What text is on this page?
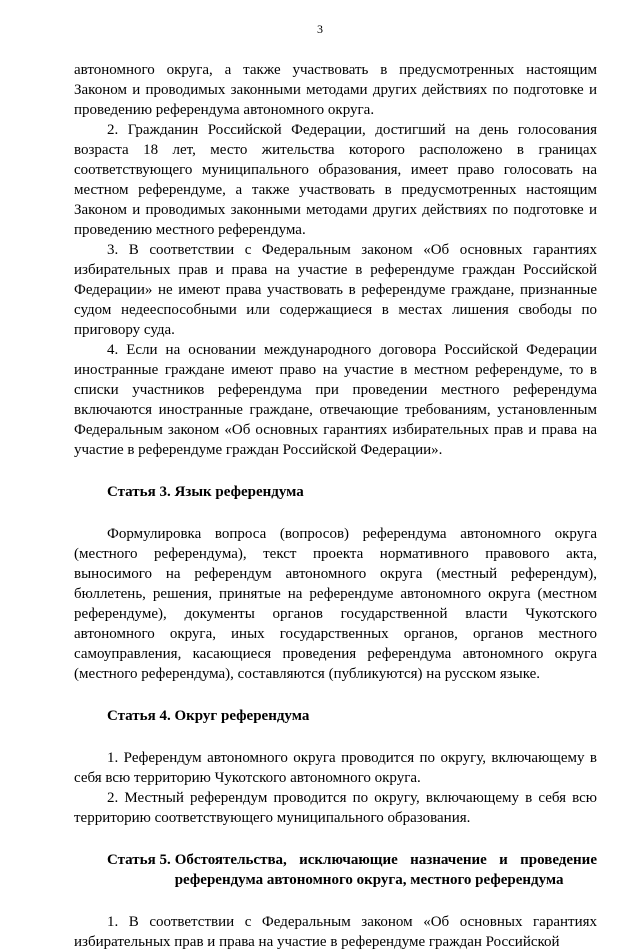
3

автономного округа, а также участвовать в предусмотренных настоящим Законом и проводимых законными методами других действиях по подготовке и проведению референдума автономного округа.

2. Гражданин Российской Федерации, достигший на день голосования возраста 18 лет, место жительства которого расположено в границах соответствующего муниципального образования, имеет право голосовать на местном референдуме, а также участвовать в предусмотренных настоящим Законом и проводимых законными методами других действиях по подготовке и проведению местного референдума.

3. В соответствии с Федеральным законом «Об основных гарантиях избирательных прав и права на участие в референдуме граждан Российской Федерации» не имеют права участвовать в референдуме граждане, признанные судом недееспособными или содержащиеся в местах лишения свободы по приговору суда.

4. Если на основании международного договора Российской Федерации иностранные граждане имеют право на участие в местном референдуме, то в списки участников референдума при проведении местного референдума включаются иностранные граждане, отвечающие требованиям, установленным Федеральным законом «Об основных гарантиях избирательных прав и права на участие в референдуме граждан Российской Федерации».

Статья 3. Язык референдума

Формулировка вопроса (вопросов) референдума автономного округа (местного референдума), текст проекта нормативного правового акта, выносимого на референдум автономного округа (местный референдум), бюллетень, решения, принятые на референдуме автономного округа (местном референдуме), документы органов государственной власти Чукотского автономного округа, иных государственных органов, органов местного самоуправления, касающиеся проведения референдума автономного округа (местного референдума), составляются (публикуются) на русском языке.

Статья 4. Округ референдума

1. Референдум автономного округа проводится по округу, включающему в себя всю территорию Чукотского автономного округа.

2. Местный референдум проводится по округу, включающему в себя всю территорию соответствующего муниципального образования.

Статья 5. Обстоятельства, исключающие назначение и проведение референдума автономного округа, местного референдума

1. В соответствии с Федеральным законом «Об основных гарантиях избирательных прав и права на участие в референдуме граждан Российской
